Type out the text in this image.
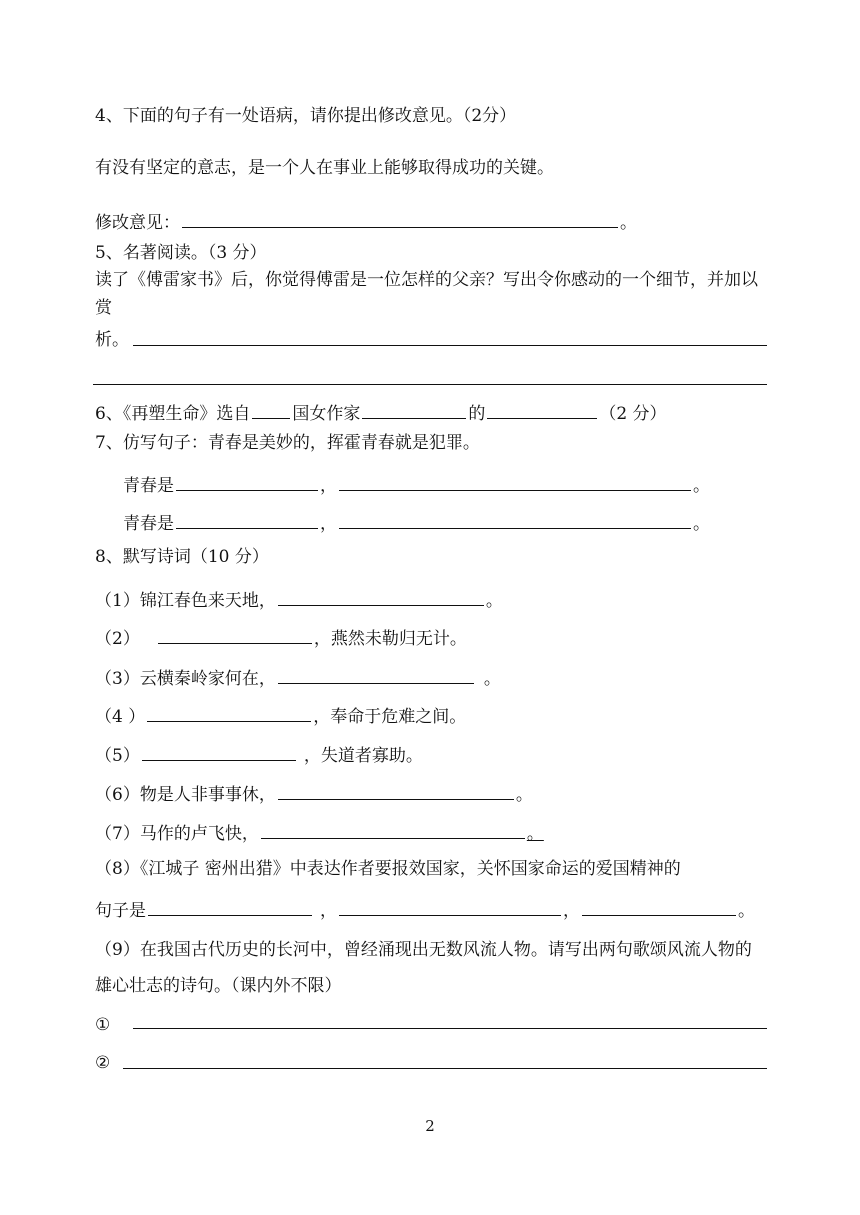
4、下面的句子有一处语病，请你提出修改意见。（2分）
有没有坚定的意志，是一个人在事业上能够取得成功的关键。
修改意见：	。
5、名著阅读。（3 分）
读了《傅雷家书》后，你觉得傅雷是一位怎样的父亲？写出令你感动的一个细节，并加以赏
析。
6、《再塑生命》选自 国女作家	的	（2 分）
7、仿写句子：青春是美妙的，挥霍青春就是犯罪。
青春是	，	。
青春是	，	。
8、默写诗词（10 分）
（1）锦江春色来天地，	。
（2）	，燕然未勒归无计。
（3）云横秦岭家何在，	。
（4 ）	，奉命于危难之间。
（5）	，失道者寡助。
（6）物是人非事事休，	。
（7）马作的卢飞快，	。
（8）《江城子 密州出猎》中表达作者要报效国家，关怀国家命运的爱国精神的
句子是	，	，	。
（9）在我国古代历史的长河中，曾经涌现出无数风流人物。请写出两句歌颂风流人物的雄心壮志的诗句。（课内外不限）
①
②
2
